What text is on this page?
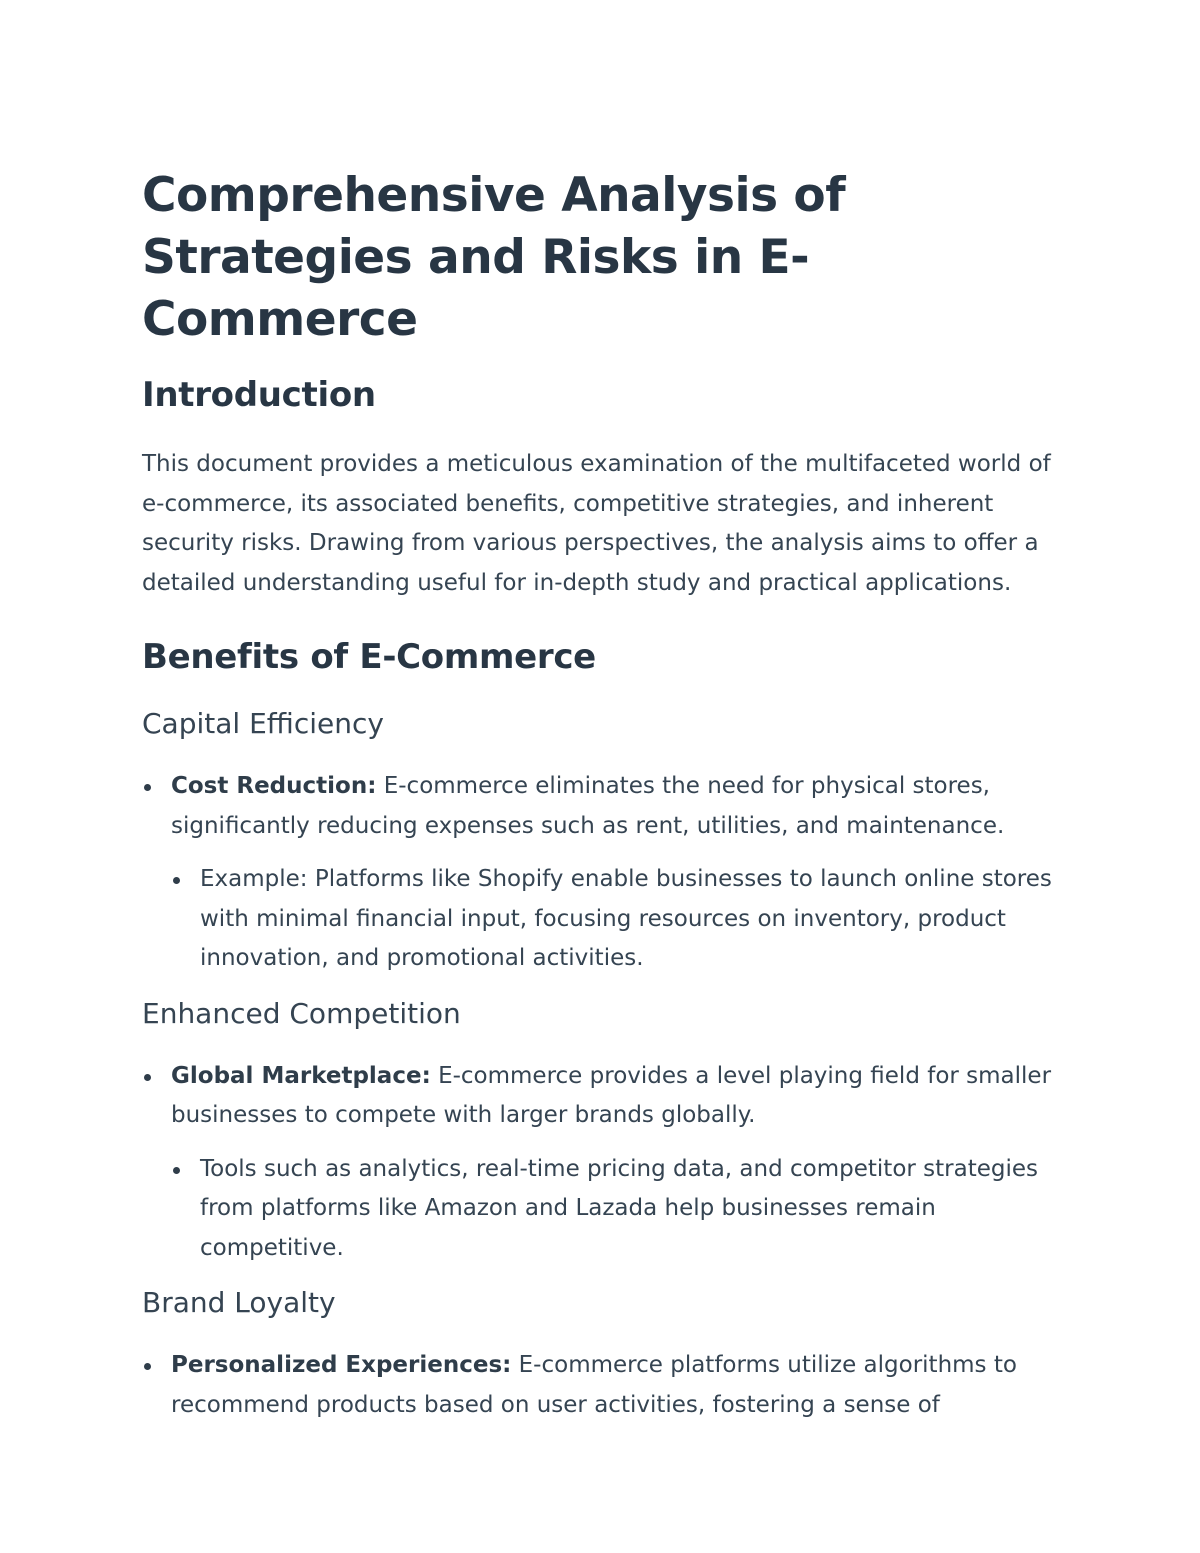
Comprehensive Analysis of Strategies and Risks in E-Commerce
Introduction

This document provides a meticulous examination of the multifaceted world of e-commerce, its associated benefits, competitive strategies, and inherent security risks. Drawing from various perspectives, the analysis aims to offer a detailed understanding useful for in-depth study and practical applications.

Benefits of E-Commerce
Capital Efficiency
Cost Reduction: E-commerce eliminates the need for physical stores, significantly reducing expenses such as rent, utilities, and maintenance.
Example: Platforms like Shopify enable businesses to launch online stores with minimal financial input, focusing resources on inventory, product innovation, and promotional activities.
Enhanced Competition
Global Marketplace: E-commerce provides a level playing field for smaller businesses to compete with larger brands globally.
Tools such as analytics, real-time pricing data, and competitor strategies from platforms like Amazon and Lazada help businesses remain competitive.
Brand Loyalty
Personalized Experiences: E-commerce platforms utilize algorithms to recommend products based on user activities, fostering a sense of
